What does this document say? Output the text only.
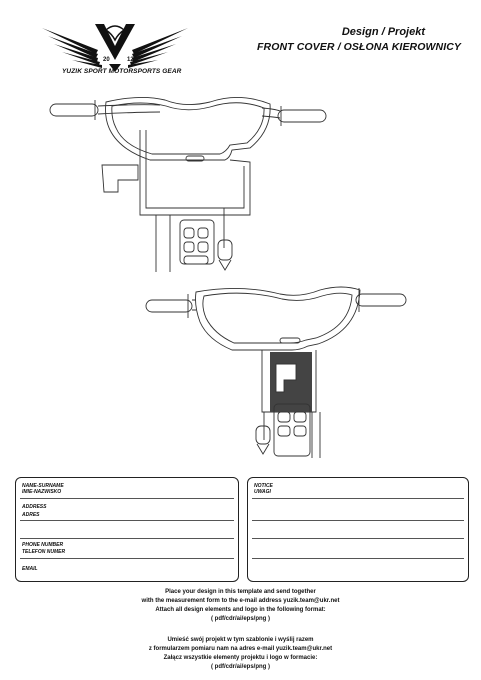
20	12
YUZIK SPORT MOTORSPORTS GEAR
Design / Projekt
FRONT COVER / OSŁONA KIEROWNICY
NAME-SURNAME
IMIE-NAZWISKO
ADDRESS
ADRES
PHONE NUMBER
TELEFON NUMER
EMAIL
NOTICE
UWAGI
Place your design in this template and send together
with the measurement form to the e-mail address yuzik.team@ukr.net
Attach all design elements and logo in the following format:
( pdf/cdr/ai/eps/png )
Umieść swój projekt w tym szablonie i wyślij razem
z formularzem pomiaru nam na adres e-mail yuzik.team@ukr.net
Załącz wszystkie elementy projektu i logo w formacie:
( pdf/cdr/ai/eps/png )
